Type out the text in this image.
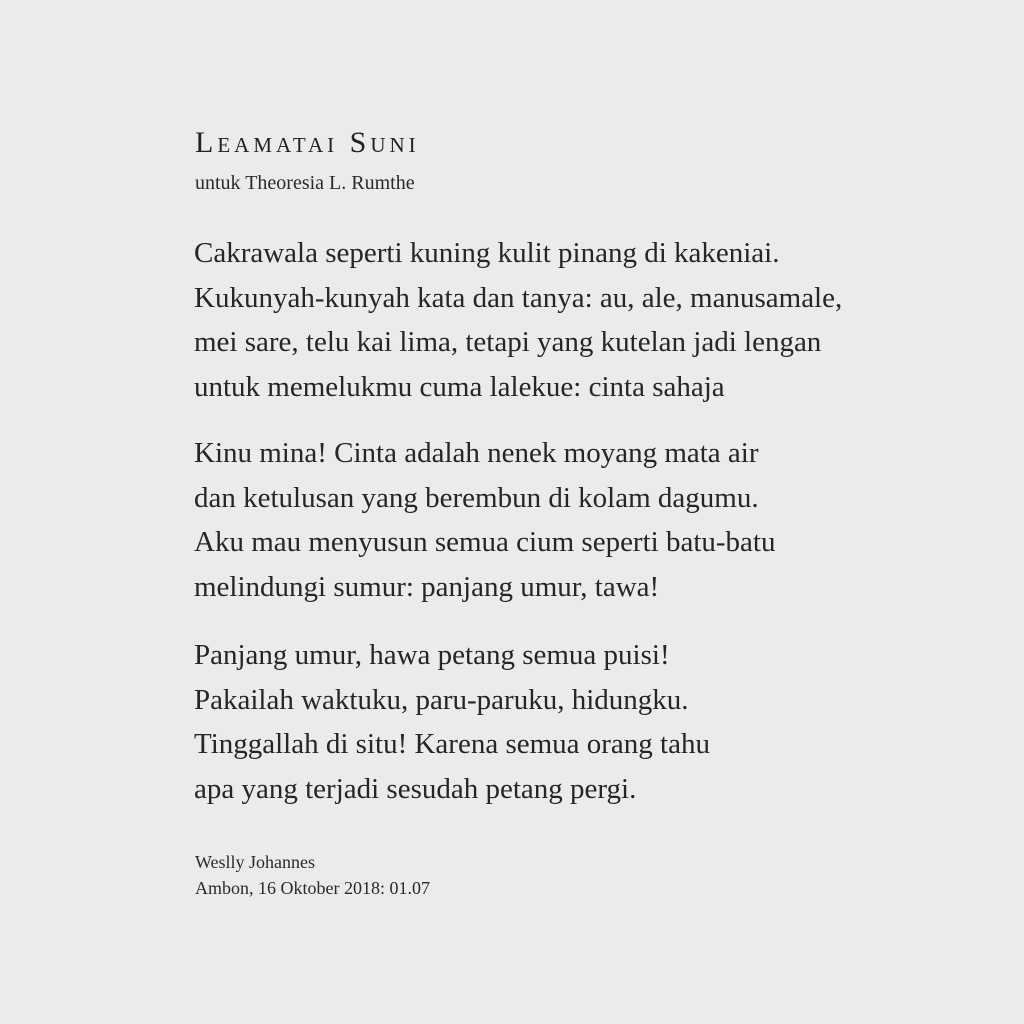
Leamatai Suni
untuk Theoresia L. Rumthe
Cakrawala seperti kuning kulit pinang di kakeniai.
Kukunyah-kunyah kata dan tanya: au, ale, manusamale,
mei sare, telu kai lima, tetapi yang kutelan jadi lengan
untuk memelukmu cuma lalekue: cinta sahaja
Kinu mina! Cinta adalah nenek moyang mata air
dan ketulusan yang berembun di kolam dagumu.
Aku mau menyusun semua cium seperti batu-batu
melindungi sumur: panjang umur, tawa!
Panjang umur, hawa petang semua puisi!
Pakailah waktuku, paru-paruku, hidungku.
Tinggallah di situ! Karena semua orang tahu
apa yang terjadi sesudah petang pergi.
Weslly Johannes
Ambon, 16 Oktober 2018: 01.07
